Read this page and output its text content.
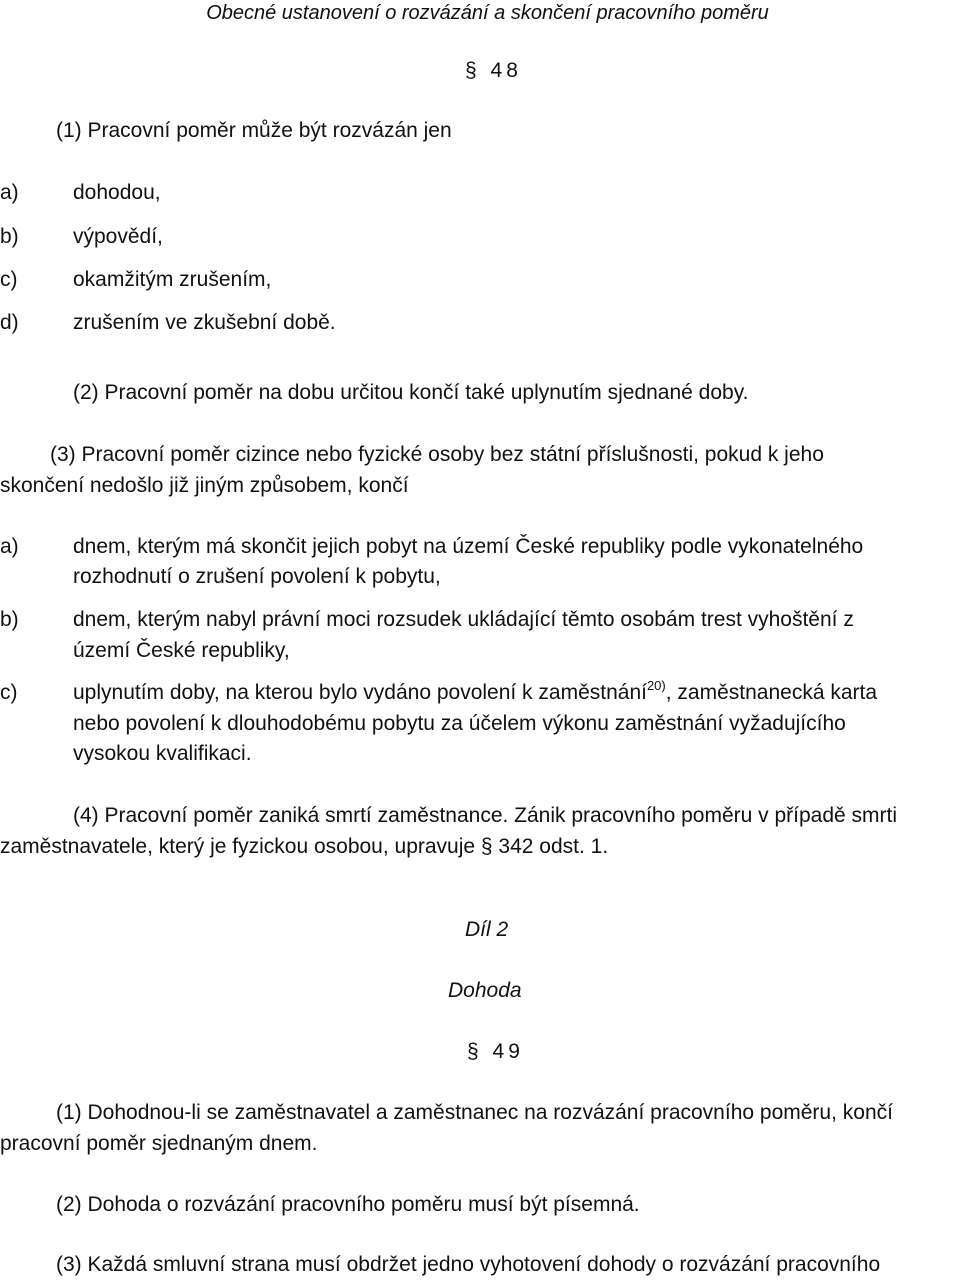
Obecné ustanovení o rozvázání a skončení pracovního poměru

§ 48

(1) Pracovní poměr může být rozvázán jen

a)	dohodou,

b)	výpovědí,

c)	okamžitým zrušením,

d)	zrušením ve zkušební době.

(2) Pracovní poměr na dobu určitou končí také uplynutím sjednané doby.

(3) Pracovní poměr cizince nebo fyzické osoby bez státní příslušnosti, pokud k jeho

skončení nedošlo již jiným způsobem, končí

a)	dnem, kterým má skončit jejich pobyt na území České republiky podle vykonatelného

rozhodnutí o zrušení povolení k pobytu,

b)	dnem, kterým nabyl právní moci rozsudek ukládající těmto osobám trest vyhoštění z

území České republiky,

c)	uplynutím doby, na kterou bylo vydáno povolení k zaměstnání$^{20)}$, zaměstnanecká karta

nebo povolení k dlouhodobému pobytu za účelem výkonu zaměstnání vyžadujícího

vysokou kvalifikaci.

(4) Pracovní poměr zaniká smrtí zaměstnance. Zánik pracovního poměru v případě smrti

zaměstnavatele, který je fyzickou osobou, upravuje § 342 odst. 1.

Díl 2

Dohoda

§ 49

(1) Dohodnou-li se zaměstnavatel a zaměstnanec na rozvázání pracovního poměru, končí

pracovní poměr sjednaným dnem.

(2) Dohoda o rozvázání pracovního poměru musí být písemná.

(3) Každá smluvní strana musí obdržet jedno vyhotovení dohody o rozvázání pracovního
